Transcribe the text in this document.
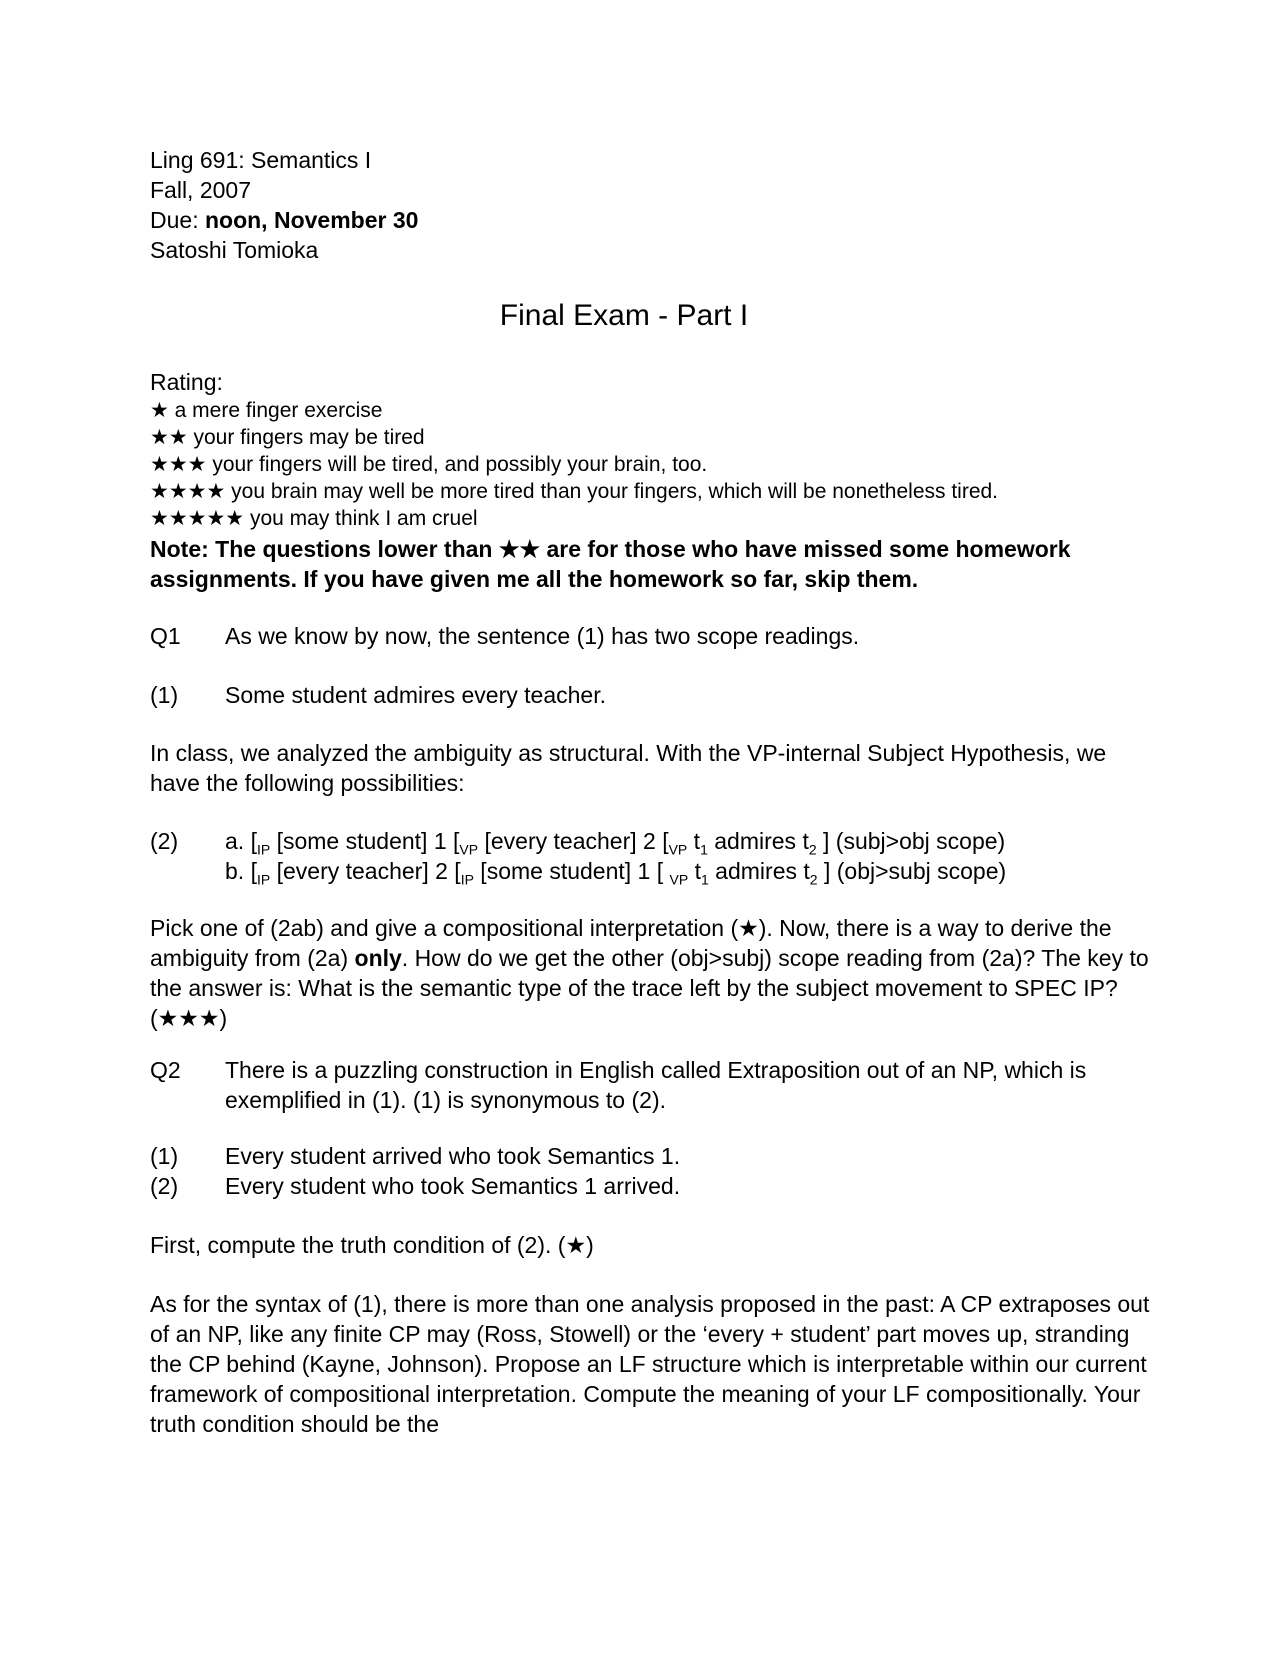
Ling 691: Semantics I
Fall, 2007
Due: noon, November 30
Satoshi Tomioka
Final Exam - Part I
Rating:
★ a mere finger exercise
★★ your fingers may be tired
★★★ your fingers will be tired, and possibly your brain, too.
★★★★ you brain may well be more tired than your fingers, which will be nonetheless tired.
★★★★★ you may think I am cruel
Note: The questions lower than ★★ are for those who have missed some homework assignments. If you have given me all the homework so far, skip them.
Q1 As we know by now, the sentence (1) has two scope readings.
(1) Some student admires every teacher.
In class, we analyzed the ambiguity as structural. With the VP-internal Subject Hypothesis, we have the following possibilities:
(2) a. [$_{IP}$ [some student] 1 [$_{VP}$ [every teacher] 2 [$_{VP}$ $t_1$ admires $t_2$ ] (subj>obj scope)
b. [$_{IP}$ [every teacher] 2 [$_{IP}$ [some student] 1 [ $_{VP}$ $t_1$ admires $t_2$ ] (obj>subj scope)
Pick one of (2ab) and give a compositional interpretation (★). Now, there is a way to derive the ambiguity from (2a) only. How do we get the other (obj>subj) scope reading from (2a)? The key to the answer is: What is the semantic type of the trace left by the subject movement to SPEC IP? (★★★)
Q2 There is a puzzling construction in English called Extraposition out of an NP, which is exemplified in (1). (1) is synonymous to (2).
(1) Every student arrived who took Semantics 1.
(2) Every student who took Semantics 1 arrived.
First, compute the truth condition of (2). (★)
As for the syntax of (1), there is more than one analysis proposed in the past: A CP extraposes out of an NP, like any finite CP may (Ross, Stowell) or the ‘every + student’ part moves up, stranding the CP behind (Kayne, Johnson). Propose an LF structure which is interpretable within our current framework of compositional interpretation. Compute the meaning of your LF compositionally. Your truth condition should be the
